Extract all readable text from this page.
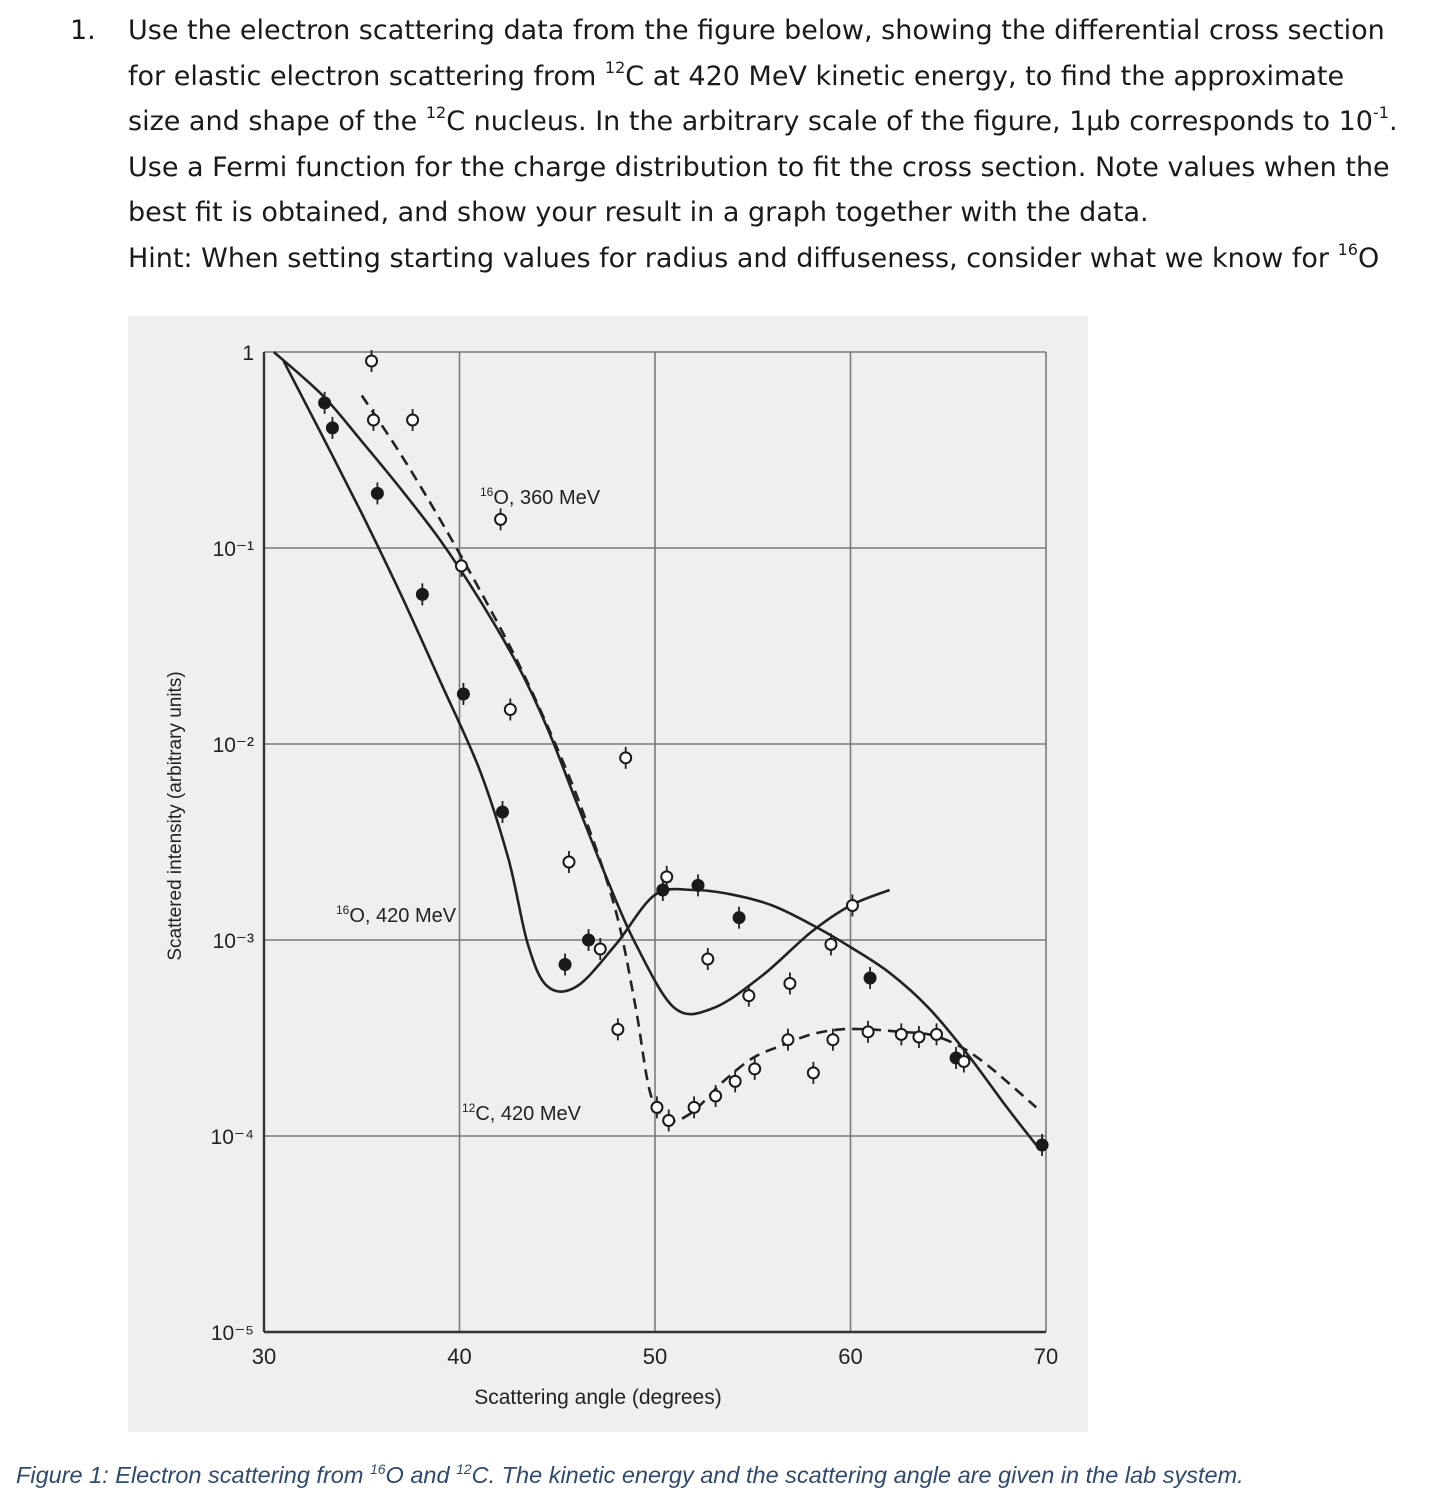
1. Use the electron scattering data from the figure below, showing the differential cross section
for elastic electron scattering from $^{12}$C at 420 MeV kinetic energy, to find the approximate
size and shape of the $^{12}$C nucleus. In the arbitrary scale of the figure, 1μb corresponds to $10^{-1}$.
Use a Fermi function for the charge distribution to fit the cross section. Note values when the
best fit is obtained, and show your result in a graph together with the data.
Hint: When setting starting values for radius and diffuseness, consider what we know for $^{16}$O
30	40	50	60	70
1
10⁻¹
10⁻²
10⁻³
10⁻⁴
10⁻⁵
Scattering angle (degrees)
Scattered intensity (arbitrary units)
$^{16}$O, 360 MeV
$^{16}$O, 420 MeV
$^{12}$C, 420 MeV
Figure 1: Electron scattering from $^{16}$O and $^{12}$C. The kinetic energy and the scattering angle are given in the lab system.
